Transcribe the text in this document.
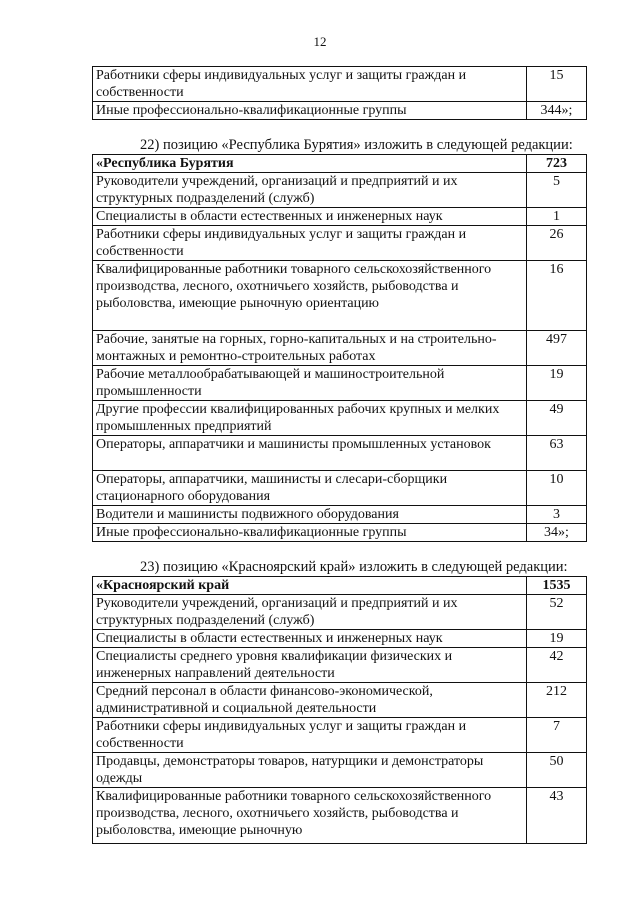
12
Работники сферы индивидуальных услуг и защиты граждан и собственности	15
Иные профессионально-квалификационные группы	344»;
22) позицию «Республика Бурятия» изложить в следующей редакции:
«Республика Бурятия	723
Руководители учреждений, организаций и предприятий и их структурных подразделений (служб)	5
Специалисты в области естественных и инженерных наук	1
Работники сферы индивидуальных услуг и защиты граждан и собственности	26
Квалифицированные работники товарного сельскохозяйственного производства, лесного, охотничьего хозяйств, рыбоводства и рыболовства, имеющие рыночную ориентацию	16
Рабочие, занятые на горных, горно-капитальных и на строительно-монтажных и ремонтно-строительных работах	497
Рабочие металлообрабатывающей и машиностроительной промышленности	19
Другие профессии квалифицированных рабочих крупных и мелких промышленных предприятий	49
Операторы, аппаратчики и машинисты промышленных установок	63
Операторы, аппаратчики, машинисты и слесари-сборщики стационарного оборудования	10
Водители и машинисты подвижного оборудования	3
Иные профессионально-квалификационные группы	34»;
23) позицию «Красноярский край» изложить в следующей редакции:
«Красноярский край	1535
Руководители учреждений, организаций и предприятий и их структурных подразделений (служб)	52
Специалисты в области естественных и инженерных наук	19
Специалисты среднего уровня квалификации физических и инженерных направлений деятельности	42
Средний персонал в области финансово-экономической, административной и социальной деятельности	212
Работники сферы индивидуальных услуг и защиты граждан и собственности	7
Продавцы, демонстраторы товаров, натурщики и демонстраторы одежды	50
Квалифицированные работники товарного сельскохозяйственного производства, лесного, охотничьего хозяйств, рыбоводства и рыболовства, имеющие рыночную	43
